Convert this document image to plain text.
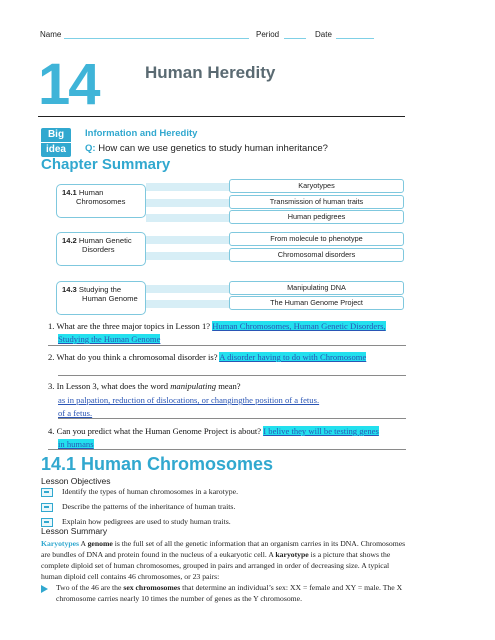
Name	Period	Date
14	Human Heredity
Big
idea
Information and Heredity
Q: How can we use genetics to study human inheritance?
Chapter Summary
14.1 Human
Chromosomes
14.2 Human Genetic
Disorders
14.3 Studying the
Human Genome
Karyotypes
Transmission of human traits
Human pedigrees
From molecule to phenotype
Chromosomal disorders
Manipulating DNA
The Human Genome Project
1. What are the three major topics in Lesson 1? Human Chromosomes, Human Genetic Disorders,
Studying the Human Genome
2. What do you think a chromosomal disorder is? A disorder having to do with Chromosome
3. In Lesson 3, what does the word manipulating mean?
as in palpation, reduction of dislocations, or changingthe position of a fetus.
of a fetus.
4. Can you predict what the Human Genome Project is about? I belive they will be testing genes
in humans
14.1 Human Chromosomes
Lesson Objectives
Identify the types of human chromosomes in a karotype.
Describe the patterns of the inheritance of human traits.
Explain how pedigrees are used to study human traits.
Lesson Summary
Karyotypes A genome is the full set of all the genetic information that an organism carries in its DNA. Chromosomes are bundles of DNA and protein found in the nucleus of a eukaryotic cell. A karyotype is a picture that shows the complete diploid set of human chromosomes, grouped in pairs and arranged in order of decreasing size. A typical human diploid cell contains 46 chromosomes, or 23 pairs:
Two of the 46 are the sex chromosomes that determine an individual’s sex: XX = female and XY = male. The X chromosome carries nearly 10 times the number of genes as the Y chromosome.
